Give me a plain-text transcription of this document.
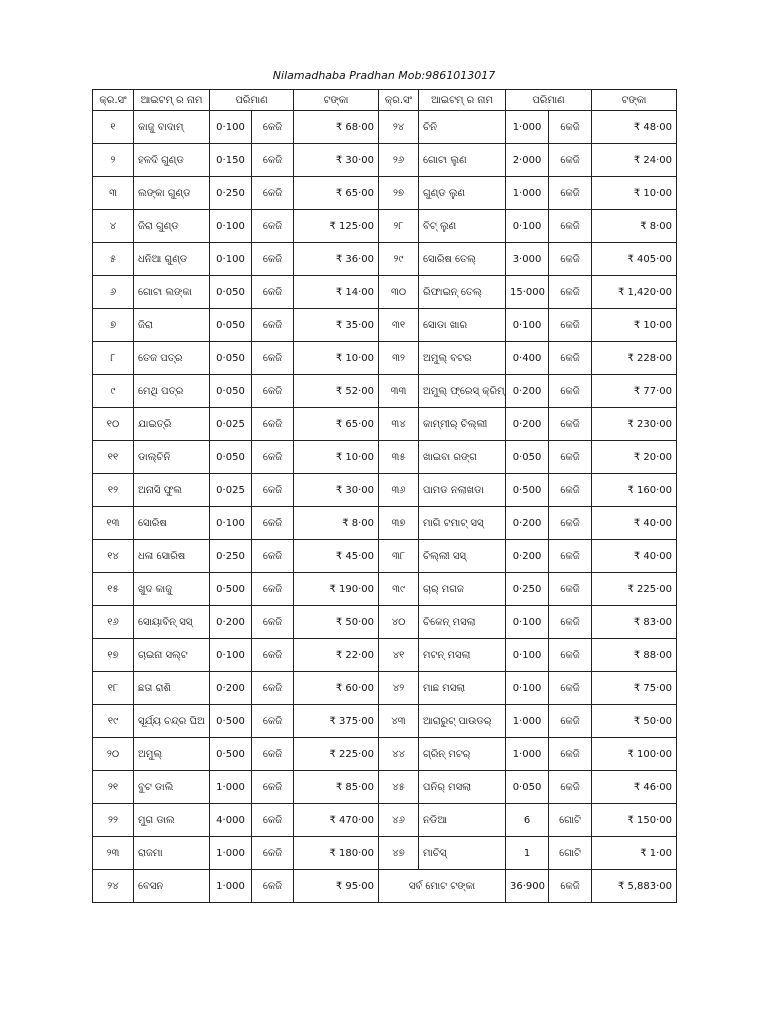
Nilamadhaba Pradhan Mob:9861013017
କ୍ର.ସଂ	ଆଇଟମ୍ ର ନାମ	ପରିମାଣ		ଟଙ୍କା	କ୍ର.ସଂ	ଆଇଟମ୍ ର ନାମ	ପରିମାଣ		ଟଙ୍କା
୧	କାଜୁ ବାଦାମ୍	0·100	କେଜି	₹ 68·00	୨୪	ଚିନି	1·000	କେଜି	₹ 48·00
୨	ହଳଦି ଗୁଣ୍ଡ	0·150	କେଜି	₹ 30·00	୨୬	ଗୋଟା ଲୁଣ	2·000	କେଜି	₹ 24·00
୩	ଲଙ୍କା ଗୁଣ୍ଡ	0·250	କେଜି	₹ 65·00	୨୭	ଗୁଣ୍ଡ ଲୁଣ	1·000	କେଜି	₹ 10·00
୪	ଜିରା ଗୁଣ୍ଡ	0·100	କେଜି	₹ 125·00	୨୮	ବିଟ୍ ଲୁଣ	0·100	କେଜି	₹ 8·00
୫	ଧନିଆ ଗୁଣ୍ଡ	0·100	କେଜି	₹ 36·00	୨୯	ସୋରିଷ ତେଲ୍	3·000	କେଜି	₹ 405·00
୬	ଗୋଟା ଲଙ୍କା	0·050	କେଜି	₹ 14·00	୩୦	ରିଫାଇନ୍ ତେଲ୍	15·000	କେଜି	₹ 1,420·00
୭	ଜିରା	0·050	କେଜି	₹ 35·00	୩୧	ସୋଡା ଖାର	0·100	କେଜି	₹ 10·00
୮	ତେଜ ପତ୍ର	0·050	କେଜି	₹ 10·00	୩୨	ଅମୁଲ୍ ବଟର	0·400	କେଜି	₹ 228·00
୯	ମେଥି ପତ୍ର	0·050	କେଜି	₹ 52·00	୩୩	ଅମୁଲ୍ ଫ୍ରେସ୍ କ୍ରିମ୍	0·200	କେଜି	₹ 77·00
୧୦	ଯାଇତ୍ରି	0·025	କେଜି	₹ 65·00	୩୪	କାମ୍ମୀର୍ ଚିଲ୍ଲୀ	0·200	କେଜି	₹ 230·00
୧୧	ଡାଲ୍‌ଚିନି	0·050	କେଜି	₹ 10·00	୩୫	ଖାଇବା ରଙ୍ଗ	0·050	କେଜି	₹ 20·00
୧୨	ଅନାସି ଫୁଲ	0·025	କେଜି	₹ 30·00	୩୬	ପାମଡ ନଲାଖଡା	0·500	କେଜି	₹ 160·00
୧୩	ସୋରିଷ	0·100	କେଜି	₹ 8·00	୩୭	ମାଗି ଟମାଟ୍ ସସ୍	0·200	କେଜି	₹ 40·00
୧୪	ଧଳା ସୋରିଷ	0·250	କେଜି	₹ 45·00	୩୮	ଚିଲ୍ଲୀ ସସ୍	0·200	କେଜି	₹ 40·00
୧୫	ଖୁଦ କାଜୁ	0·500	କେଜି	₹ 190·00	୩୯	ଚାର୍ ମଗଜ	0·250	କେଜି	₹ 225·00
୧୬	ସୋୟାବିନ୍ ସସ୍	0·200	କେଜି	₹ 50·00	୪୦	ଚିକେନ୍ ମସଲା	0·100	କେଜି	₹ 83·00
୧୭	ଚାଇନା ସଲ୍ଟ	0·100	କେଜି	₹ 22·00	୪୧	ମଟନ୍ ମସଲା	0·100	କେଜି	₹ 88·00
୧୮	ଛତା ରାଶି	0·200	କେଜି	₹ 60·00	୪୨	ମାଛ ମସଲା	0·100	କେଜି	₹ 75·00
୧୯	ସୂର୍ଯ୍ୟ ଚନ୍ଦ୍ର ଘିଅ	0·500	କେଜି	₹ 375·00	୪୩	ଆରାରୁଟ୍ ପାଉଡର୍	1·000	କେଜି	₹ 50·00
୨୦	ଅମୁଲ୍	0·500	କେଜି	₹ 225·00	୪୪	ଗ୍ରିନ୍ ମଟର୍	1·000	କେଜି	₹ 100·00
୨୧	ବୁଟ ଡାଲି	1·000	କେଜି	₹ 85·00	୪୫	ପନିର୍ ମସଲା	0·050	କେଜି	₹ 46·00
୨୨	ମୁଗ ଡାଲ	4·000	କେଜି	₹ 470·00	୪୬	ନଡିଆ	6	ଗୋଟି	₹ 150·00
୨୩	ରାଜମା	1·000	କେଜି	₹ 180·00	୪୭	ମାଚିସ୍	1	ଗୋଟି	₹ 1·00
୨୪	ବେସନ	1·000	କେଜି	₹ 95·00	ସର୍ବ ମୋଟ ଟଙ୍କା		36·900	କେଜି	₹ 5,883·00
